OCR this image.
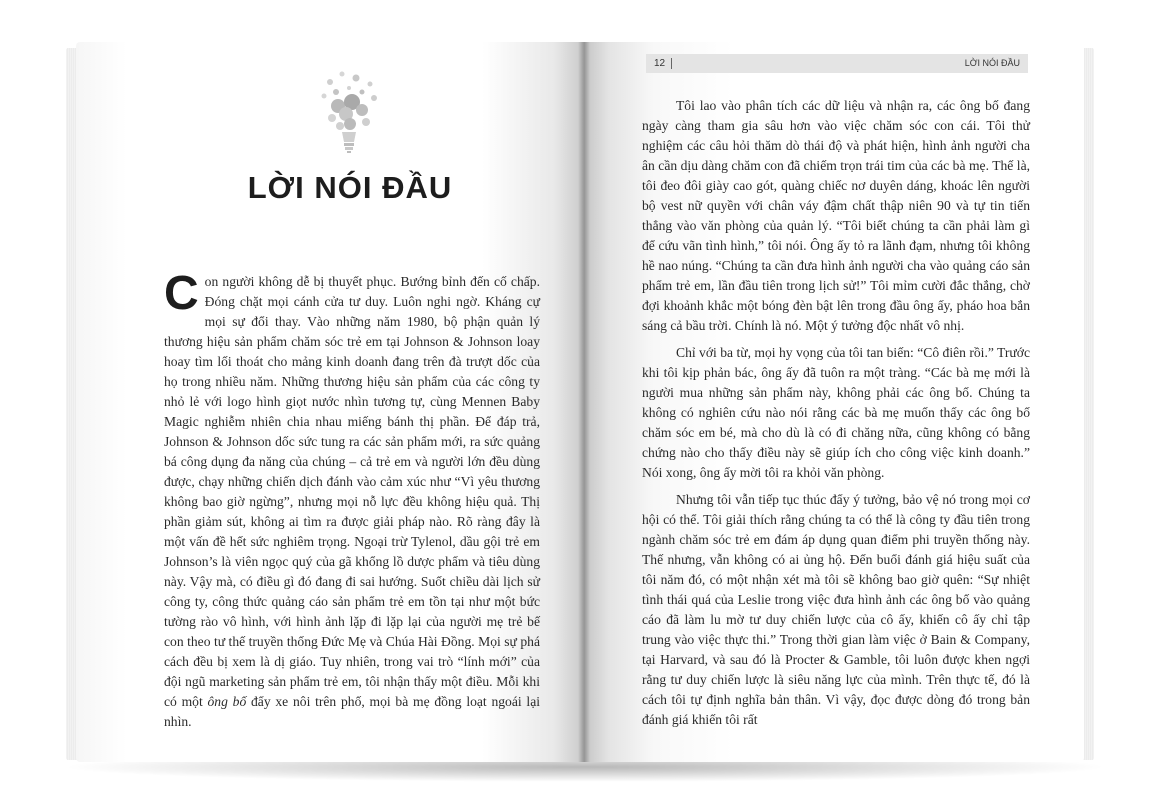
LỜI NÓI ĐẦU
Con người không dễ bị thuyết phục. Bướng bỉnh đến cố chấp. Đóng chặt mọi cánh cửa tư duy. Luôn nghi ngờ. Kháng cự mọi sự đổi thay. Vào những năm 1980, bộ phận quản lý thương hiệu sản phẩm chăm sóc trẻ em tại Johnson & Johnson loay hoay tìm lối thoát cho mảng kinh doanh đang trên đà trượt dốc của họ trong nhiều năm. Những thương hiệu sản phẩm của các công ty nhỏ lẻ với logo hình giọt nước nhìn tương tự, cùng Mennen Baby Magic nghiễm nhiên chia nhau miếng bánh thị phần. Để đáp trả, Johnson & Johnson dốc sức tung ra các sản phẩm mới, ra sức quảng bá công dụng đa năng của chúng – cả trẻ em và người lớn đều dùng được, chạy những chiến dịch đánh vào cảm xúc như “Vì yêu thương không bao giờ ngừng”, nhưng mọi nỗ lực đều không hiệu quả. Thị phần giảm sút, không ai tìm ra được giải pháp nào. Rõ ràng đây là một vấn đề hết sức nghiêm trọng. Ngoại trừ Tylenol, dầu gội trẻ em Johnson’s là viên ngọc quý của gã khổng lồ dược phẩm và tiêu dùng này. Vậy mà, có điều gì đó đang đi sai hướng. Suốt chiều dài lịch sử công ty, công thức quảng cáo sản phẩm trẻ em tồn tại như một bức tường rào vô hình, với hình ảnh lặp đi lặp lại của người mẹ trẻ bế con theo tư thế truyền thống Đức Mẹ và Chúa Hài Đồng. Mọi sự phá cách đều bị xem là dị giáo. Tuy nhiên, trong vai trò “lính mới” của đội ngũ marketing sản phẩm trẻ em, tôi nhận thấy một điều. Mỗi khi có một ông bố đẩy xe nôi trên phố, mọi bà mẹ đồng loạt ngoái lại nhìn.
12	LỜI NÓI ĐẦU

Tôi lao vào phân tích các dữ liệu và nhận ra, các ông bố đang ngày càng tham gia sâu hơn vào việc chăm sóc con cái. Tôi thử nghiệm các câu hỏi thăm dò thái độ và phát hiện, hình ảnh người cha ân cần dịu dàng chăm con đã chiếm trọn trái tim của các bà mẹ. Thế là, tôi đeo đôi giày cao gót, quàng chiếc nơ duyên dáng, khoác lên người bộ vest nữ quyền với chân váy đậm chất thập niên 90 và tự tin tiến thẳng vào văn phòng của quản lý. “Tôi biết chúng ta cần phải làm gì để cứu vãn tình hình,” tôi nói. Ông ấy tỏ ra lãnh đạm, nhưng tôi không hề nao núng. “Chúng ta cần đưa hình ảnh người cha vào quảng cáo sản phẩm trẻ em, lần đầu tiên trong lịch sử!” Tôi mỉm cười đắc thắng, chờ đợi khoảnh khắc một bóng đèn bật lên trong đầu ông ấy, pháo hoa bắn sáng cả bầu trời. Chính là nó. Một ý tưởng độc nhất vô nhị.

Chỉ với ba từ, mọi hy vọng của tôi tan biến: “Cô điên rồi.” Trước khi tôi kịp phản bác, ông ấy đã tuôn ra một tràng. “Các bà mẹ mới là người mua những sản phẩm này, không phải các ông bố. Chúng ta không có nghiên cứu nào nói rằng các bà mẹ muốn thấy các ông bố chăm sóc em bé, mà cho dù là có đi chăng nữa, cũng không có bằng chứng nào cho thấy điều này sẽ giúp ích cho công việc kinh doanh.” Nói xong, ông ấy mời tôi ra khỏi văn phòng.

Nhưng tôi vẫn tiếp tục thúc đẩy ý tưởng, bảo vệ nó trong mọi cơ hội có thể. Tôi giải thích rằng chúng ta có thể là công ty đầu tiên trong ngành chăm sóc trẻ em đám áp dụng quan điểm phi truyền thống này. Thế nhưng, vẫn không có ai ủng hộ. Đến buổi đánh giá hiệu suất của tôi năm đó, có một nhận xét mà tôi sẽ không bao giờ quên: “Sự nhiệt tình thái quá của Leslie trong việc đưa hình ảnh các ông bố vào quảng cáo đã làm lu mờ tư duy chiến lược của cô ấy, khiến cô ấy chỉ tập trung vào việc thực thi.” Trong thời gian làm việc ở Bain & Company, tại Harvard, và sau đó là Procter & Gamble, tôi luôn được khen ngợi rằng tư duy chiến lược là siêu năng lực của mình. Trên thực tế, đó là cách tôi tự định nghĩa bản thân. Vì vậy, đọc được dòng đó trong bản đánh giá khiến tôi rất
